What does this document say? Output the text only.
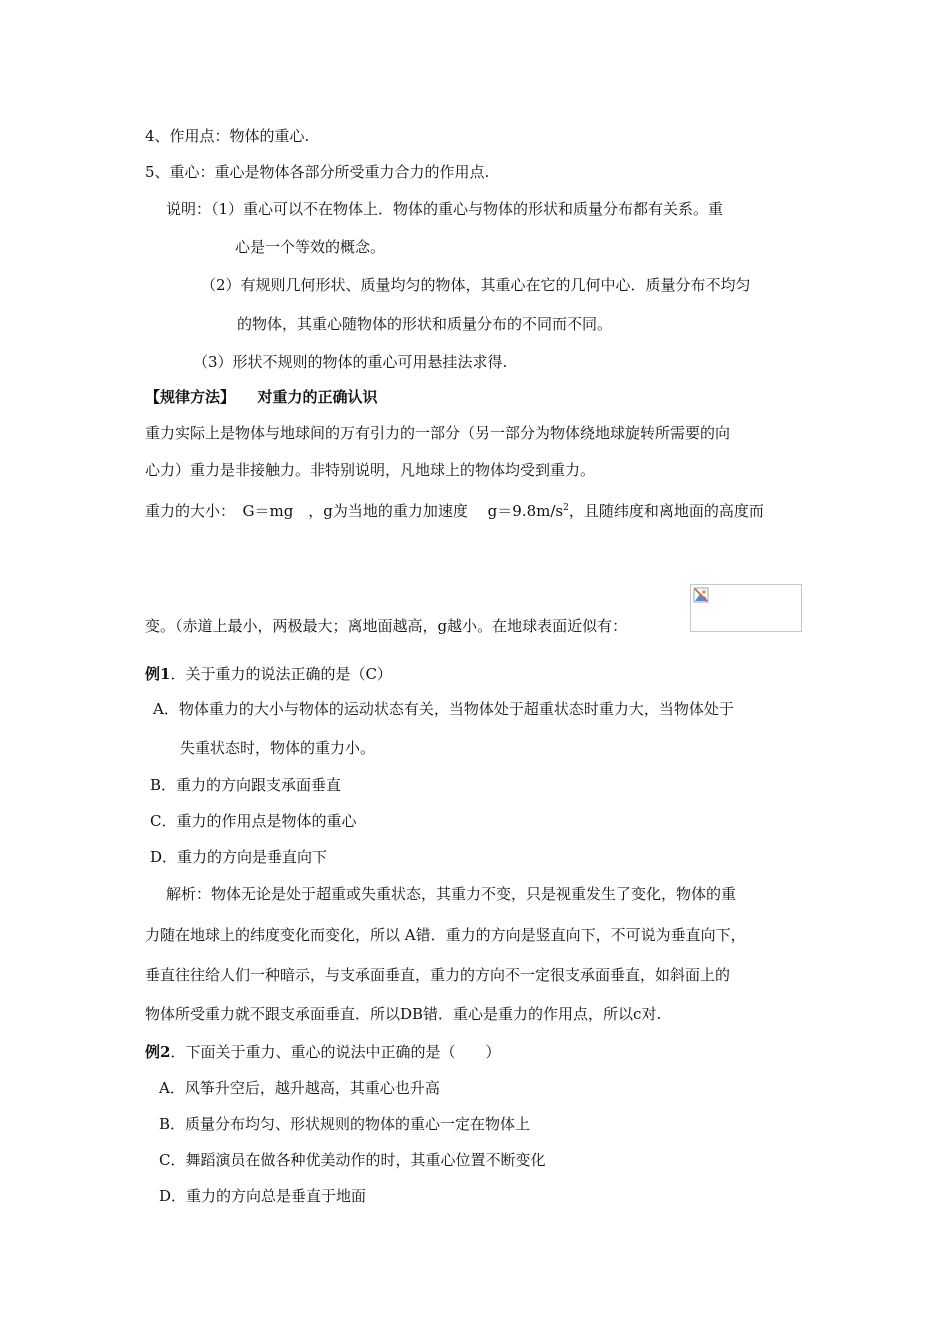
4、作用点：物体的重心.
5、重心：重心是物体各部分所受重力合力的作用点.
说明：（1）重心可以不在物体上．物体的重心与物体的形状和质量分布都有关系。重
心是一个等效的概念。
（2）有规则几何形状、质量均匀的物体，其重心在它的几何中心．质量分布不均匀
的物体，其重心随物体的形状和质量分布的不同而不同。
（3）形状不规则的物体的重心可用悬挂法求得.
【规律方法】　　对重力的正确认识
重力实际上是物体与地球间的万有引力的一部分（另一部分为物体绕地球旋转所需要的向
心力）重力是非接触力。非特别说明，凡地球上的物体均受到重力。
重力的大小：　G＝mg　，g为当地的重力加速度　 $g=9.8m/s^2$，且随纬度和离地面的高度而
变。（赤道上最小，两极最大；离地面越高，g越小。在地球表面近似有：
例1．关于重力的说法正确的是（C）
A．物体重力的大小与物体的运动状态有关，当物体处于超重状态时重力大，当物体处于
失重状态时，物体的重力小。
B．重力的方向跟支承面垂直
C．重力的作用点是物体的重心
D．重力的方向是垂直向下
解析：物体无论是处于超重或失重状态，其重力不变，只是视重发生了变化，物体的重
力随在地球上的纬度变化而变化，所以 A错．重力的方向是竖直向下，不可说为垂直向下，
垂直往往给人们一种暗示，与支承面垂直，重力的方向不一定很支承面垂直，如斜面上的
物体所受重力就不跟支承面垂直．所以DB错．重心是重力的作用点，所以c对.
例2．下面关于重力、重心的说法中正确的是（　　）
A．风筝升空后，越升越高，其重心也升高
B．质量分布均匀、形状规则的物体的重心一定在物体上
C．舞蹈演员在做各种优美动作的时，其重心位置不断变化
D．重力的方向总是垂直于地面
